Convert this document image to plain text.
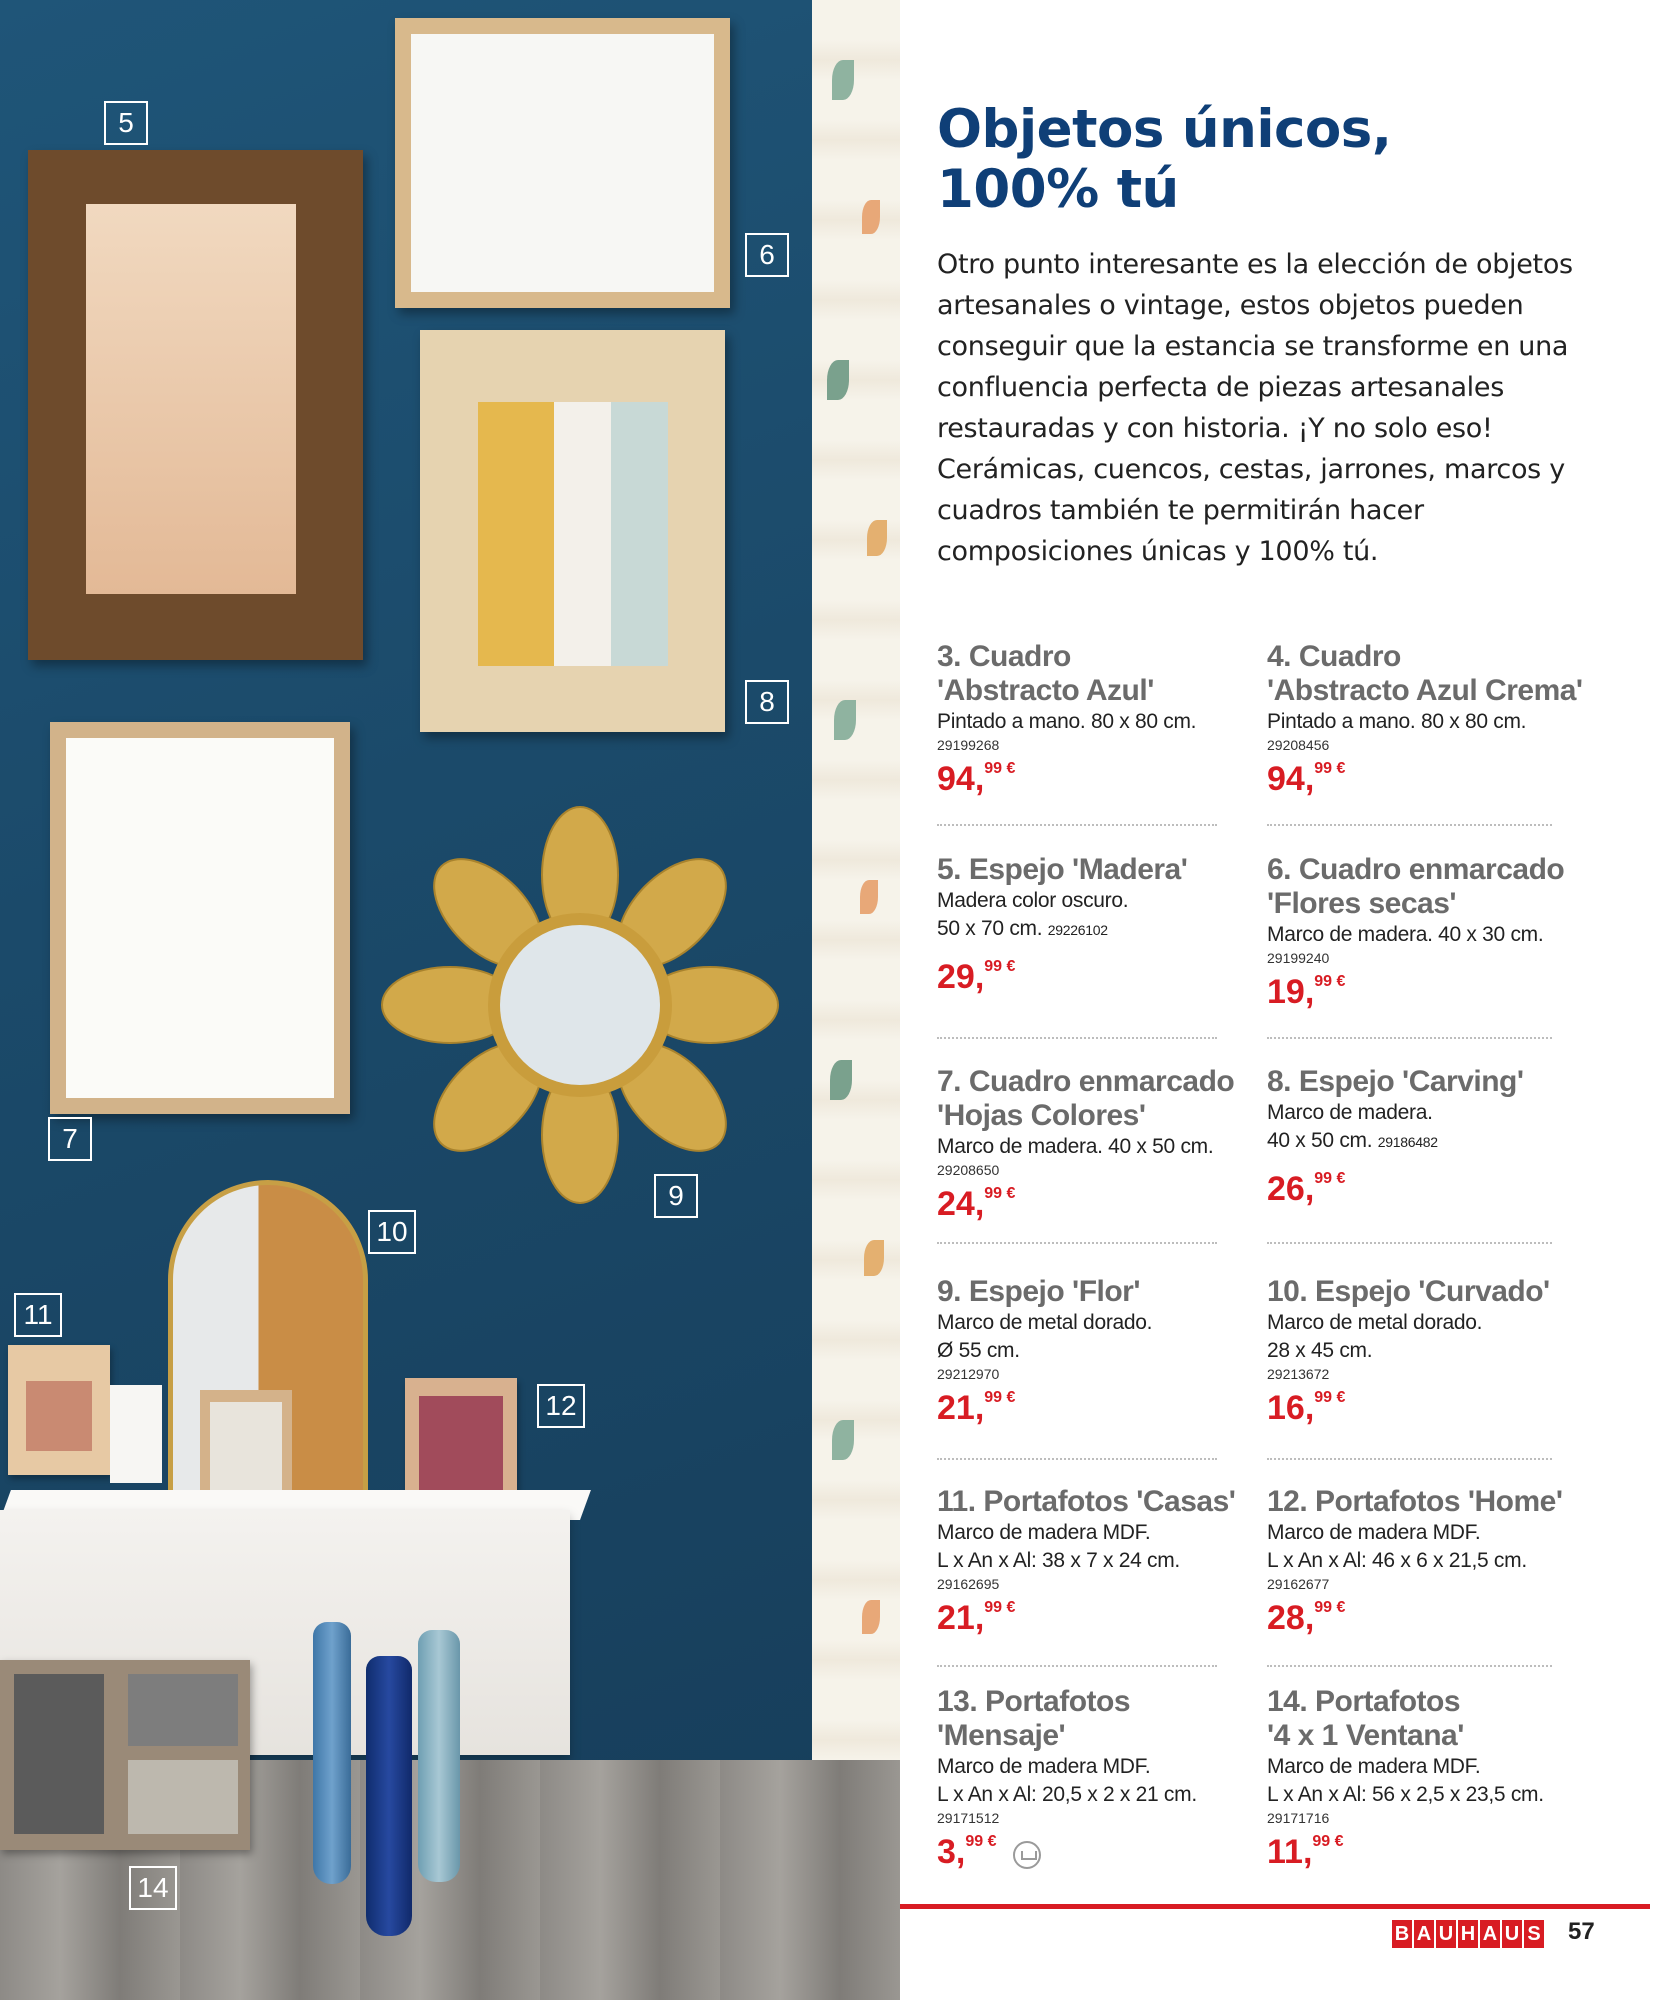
5
6
8
7
9
10
11
12
14
Objetos únicos,
100% tú
Otro punto interesante es la elección de objetos artesanales o vintage, estos objetos pueden conseguir que la estancia se transforme en una confluencia perfecta de piezas artesanales restauradas y con historia. ¡Y no solo eso! Cerámicas, cuencos, cestas, jarrones, marcos y cuadros también te permitirán hacer composiciones únicas y 100% tú.
3. Cuadro
'Abstracto Azul'
Pintado a mano. 80 x 80 cm.
29199268
94,99 €
4. Cuadro
'Abstracto Azul Crema'
Pintado a mano. 80 x 80 cm.
29208456
94,99 €
5. Espejo 'Madera'
Madera color oscuro.
50 x 70 cm. 29226102
29,99 €
6. Cuadro enmarcado
'Flores secas'
Marco de madera. 40 x 30 cm.
29199240
19,99 €
7. Cuadro enmarcado
'Hojas Colores'
Marco de madera. 40 x 50 cm.
29208650
24,99 €
8. Espejo 'Carving'
Marco de madera.
40 x 50 cm. 29186482
26,99 €
9. Espejo 'Flor'
Marco de metal dorado.
Ø 55 cm.
29212970
21,99 €
10. Espejo 'Curvado'
Marco de metal dorado.
28 x 45 cm.
29213672
16,99 €
11. Portafotos 'Casas'
Marco de madera MDF.
L x An x Al: 38 x 7 x 24 cm.
29162695
21,99 €
12. Portafotos 'Home'
Marco de madera MDF.
L x An x Al: 46 x 6 x 21,5 cm.
29162677
28,99 €
13. Portafotos
'Mensaje'
Marco de madera MDF.
L x An x Al: 20,5 x 2 x 21 cm.
29171512
3,99 €
14. Portafotos
'4 x 1 Ventana'
Marco de madera MDF.
L x An x Al: 56 x 2,5 x 23,5 cm.
29171716
11,99 €
B A U H A U S 57
